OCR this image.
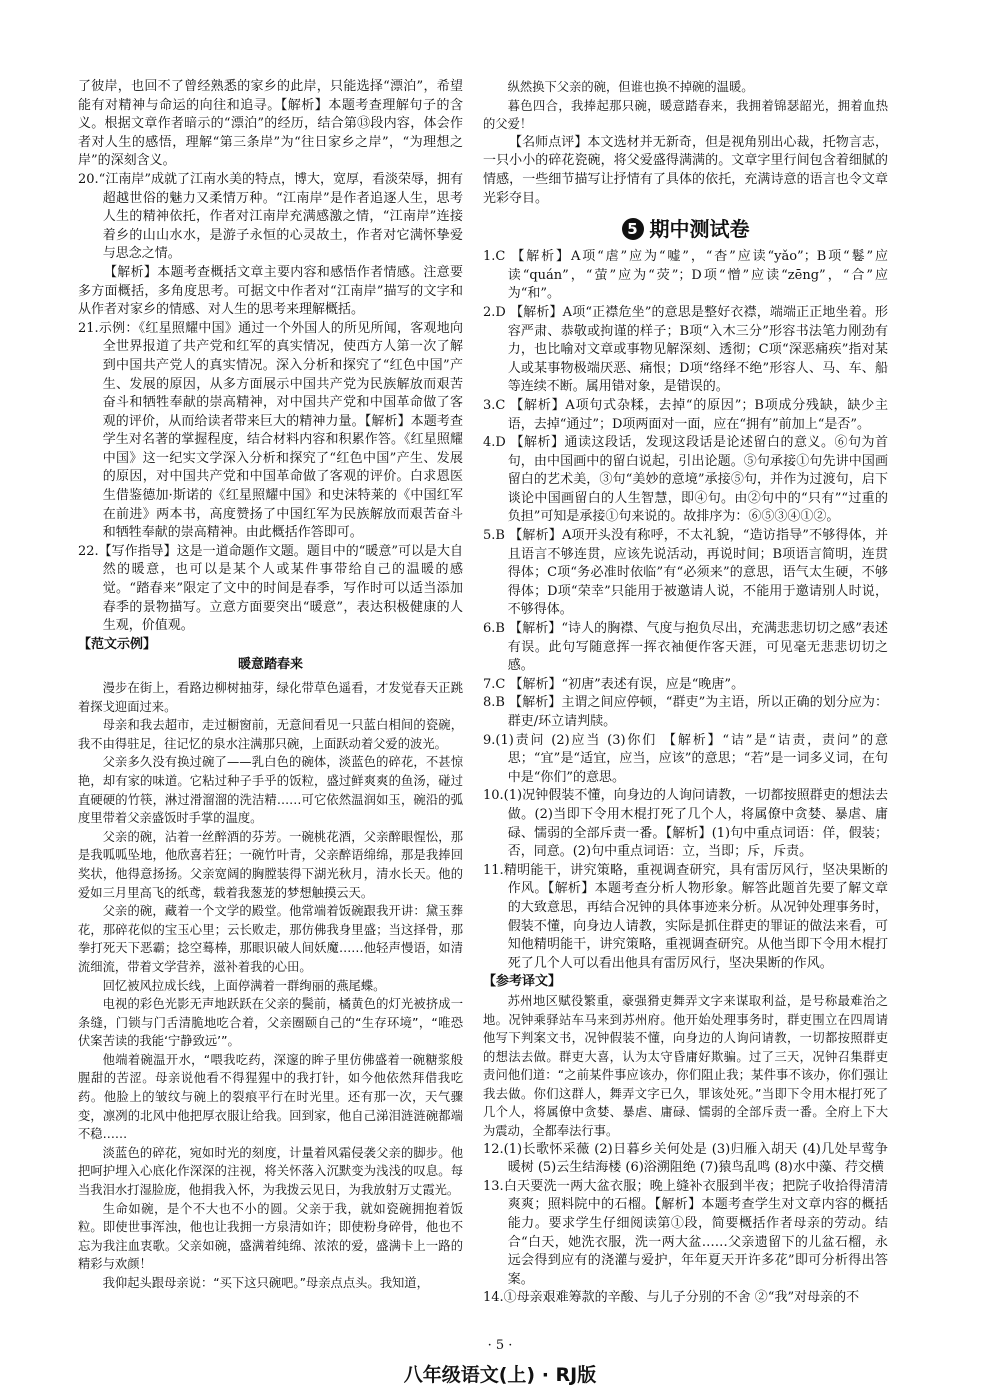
了彼岸，也回不了曾经熟悉的家乡的此岸，只能选择“漂泊”，希望能有对精神与命运的向往和追寻。【解析】本题考查理解句子的含义。根据文章作者暗示的“漂泊”的经历，结合第⑬段内容，体会作者对人生的感悟，理解“第三条岸”为“往日家乡之岸”，“为理想之岸”的深刻含义。

20.“江南岸”成就了江南水美的特点，博大，宽厚，看淡荣辱，拥有超越世俗的魅力又柔情万种。“江南岸”是作者追逐人生，思考人生的精神依托，作者对江南岸充满感激之情，“江南岸”连接着乡的山山水水，是游子永恒的心灵故土，作者对它满怀挚爱与思念之情。

【解析】本题考查概括文章主要内容和感悟作者情感。注意要多方面概括，多角度思考。可据文中作者对“江南岸”描写的文字和从作者对家乡的情感、对人生的思考来理解概括。

21.示例：《红星照耀中国》通过一个外国人的所见所闻，客观地向全世界报道了共产党和红军的真实情况，使西方人第一次了解到中国共产党人的真实情况。深入分析和探究了“红色中国”产生、发展的原因，从多方面展示中国共产党为民族解放而艰苦奋斗和牺牲奉献的崇高精神，对中国共产党和中国革命做了客观的评价，从而给读者带来巨大的精神力量。【解析】本题考查学生对名著的掌握程度，结合材料内容和积累作答。《红星照耀中国》这一纪实文学深入分析和探究了“红色中国”产生、发展的原因，对中国共产党和中国革命做了客观的评价。白求恩医生借鉴德加·斯诺的《红星照耀中国》和史沫特莱的《中国红军在前进》两本书，高度赞扬了中国红军为民族解放而艰苦奋斗和牺牲奉献的崇高精神。由此概括作答即可。

22.【写作指导】这是一道命题作文题。题目中的“暖意”可以是大自然的暖意，也可以是某个人或某件事带给自己的温暖的感觉。“踏春来”限定了文中的时间是春季，写作时可以适当添加春季的景物描写。立意方面要突出“暖意”，表达积极健康的人生观，价值观。

【范文示例】

暖意踏春来

漫步在街上，看路边柳树抽芽，绿化带草色遥看，才发觉春天正跳着探戈迎面过来。

母亲和我去超市，走过橱窗前，无意间看见一只蓝白相间的瓷碗，我不由得驻足，往记忆的泉水注满那只碗，上面跃动着父爱的波光。

父亲多久没有换过碗了——乳白色的碗体，淡蓝色的碎花，不甚惊艳，却有家的味道。它粘过种子手乎的饭粒，盛过鲜爽爽的鱼汤，碰过直硬硬的竹筷，淋过滑溜溜的洗洁精……可它依然温润如玉，碗沿的弧度里带着父亲盛饭时手掌的温度。

父亲的碗，沾着一丝醉酒的芬芳。一碗桃花酒，父亲醉眼惺忪，那是我呱呱坠地，他欣喜若狂；一碗竹叶青，父亲醉语绵绵，那是我捧回奖状，他得意扬扬。父亲宽阔的胸膛装得下湖光秋月，清水长天。他的爱如三月里高飞的纸鸢，载着我葱茏的梦想触摸云天。

父亲的碗，藏着一个文学的殿堂。他常端着饭碗跟我开讲：黛玉葬花，那碎花似的宝玉心里；云长败走，那仿佛我身里盛；当这择骨，那拳打死天下恶霸；捻空蓦棒，那眼识破人间妖魔……他轻声慢语，如清流细流，带着文学营养，滋补着我的心田。

回忆被风拉成长线，上面停满着一群绚丽的燕尾蝶。

电视的彩色光影无声地跃跃在父亲的鬓前，橘黄色的灯光被挤成一条缝，门锁与门舌清脆地吃合着，父亲圈颐自己的“生存环境”，“唯恐伏案苦读的我能‘宁静致远’”。

他端着碗温开水，“喂我吃药，深邃的眸子里仿佛盛着一碗糖浆般腥甜的苦涩。母亲说他看不得猩猩中的我打针，如今他依然拜借我吃药。他脸上的皱纹与碗上的裂痕平行在时光里。还有那一次，天气骤变，凛冽的北风中他把厚衣服让给我。回到家，他自己涕泪涟涟碗都端不稳……

淡蓝色的碎花，宛如时光的刻度，计量着风霜侵袭父亲的脚步。他把呵护埋入心底化作深深的注视，将关怀落入沉默变为浅浅的叹息。每当我泪水打湿脸庞，他捐我入怀，为我拨云见日，为我放射万丈霞光。

生命如碗，是个不大也不小的圆。父亲于我，就如瓷碗拥抱着饭粒。即使世事浑浊，他也让我拥一方泉清如许；即使粉身碎骨，他也不忘为我注血衷歌。父亲如碗，盛满着纯绵、浓浓的爱，盛满卡上一路的精彩与欢颜！

我仰起头跟母亲说：“买下这只碗吧。”母亲点点头。我知道，

纵然换下父亲的碗，但谁也换不掉碗的温暖。

暮色四合，我捧起那只碗，暖意踏春来，我拥着锦瑟韶光，拥着血热的父爱！

【名师点评】本文选材并无新奇，但是视角别出心裁，托物言志，一只小小的碎花瓷碗，将父爱盛得满满的。文章字里行间包含着细腻的情感，一些细节描写让抒情有了具体的依托，充满诗意的语言也令文章光彩夺目。

5 期中测试卷

1.C 【解析】A项“虐”应为“嘘”，“杳”应读“yǎo”；B项“鬈”应读“quán”，“萤”应为“荧”；D项“憎”应读“zēng”，“合”应为“和”。

2.D 【解析】A项“正襟危坐”的意思是整好衣襟，端端正正地坐着。形容严肃、恭敬或拘谨的样子；B项“入木三分”形容书法笔力刚劲有力，也比喻对文章或事物见解深刻、透彻；C项“深恶痛疾”指对某人或某事物极端厌恶、痛恨；D项“络绎不绝”形容人、马、车、船等连续不断。属用错对象，是错误的。

3.C 【解析】A项句式杂糅，去掉“的原因”；B项成分残缺，缺少主语，去掉“通过”；D项两面对一面，应在“拥有”前加上“是否”。

4.D 【解析】通读这段话，发现这段话是论述留白的意义。⑥句为首句，由中国画中的留白说起，引出论题。⑤句承接①句先讲中国画留白的艺术美，③句“美妙的意境”承接⑤句，并作为过渡句，启下谈论中国画留白的人生智慧，即④句。由②句中的“只有”“过重的负担”可知是承接①句来说的。故排序为：⑥⑤③④①②。

5.B 【解析】A项开头没有称呼，不太礼貌，“造访指导”不够得体，并且语言不够连贯，应该先说活动，再说时间；B项语言简明，连贯得体；C项“务必准时依临”有“必须来”的意思，语气太生硬，不够得体；D项“荣幸”只能用于被邀请人说，不能用于邀请别人时说，不够得体。

6.B 【解析】“诗人的胸襟、气度与抱负尽出，充满悲悲切切之感”表述有误。此句写随意挥一挥衣袖便作客天涯，可见毫无悲悲切切之感。

7.C 【解析】“初唐”表述有误，应是“晚唐”。

8.B 【解析】主谓之间应停顿，“群吏”为主语，所以正确的划分应为：群吏/环立请判牍。

9.(1)责问 (2)应当 (3)你们 【解析】“诘”是“诘责，责问”的意思；“宜”是“适宜，应当，应该”的意思；“若”是一词多义词，在句中是“你们”的意思。

10.(1)况钟假装不懂，向身边的人询问请教，一切都按照群吏的想法去做。(2)当即下令用木棍打死了几个人，将属僚中贪婪、暴虐、庸碌、懦弱的全部斥责一番。【解析】(1)句中重点词语：佯，假装；否，同意。(2)句中重点词语：立，当即；斥，斥责。

11.精明能干，讲究策略，重视调查研究，具有雷厉风行，坚决果断的作风。【解析】本题考查分析人物形象。解答此题首先要了解文章的大致意思，再结合况钟的具体事迹来分析。从况钟处理事务时，假装不懂，向身边人请教，实际是抓住群吏的罪证的做法来看，可知他精明能干，讲究策略，重视调查研究。从他当即下令用木棍打死了几个人可以看出他具有雷厉风行，坚决果断的作风。

【参考译文】

苏州地区赋役繁重，豪强猾吏舞弄文字来谋取利益，是号称最难治之地。况钟乘驿站车马来到苏州府。他开始处理事务时，群吏围立在四周请他写下判案文书，况钟假装不懂，向身边的人询问请教，一切都按照群吏的想法去做。群吏大喜，认为太守昏庸好欺骗。过了三天，况钟召集群吏责问他们道：“之前某件事应该办，你们阻止我；某件事不该办，你们强让我去做。你们这群人，舞弄文字已久，罪该处死。”当即下令用木棍打死了几个人，将属僚中贪婪、暴虐、庸碌、懦弱的全部斥责一番。全府上下大为震动，全都奉法行事。

12.(1)长歌怀采薇 (2)日暮乡关何处是 (3)归雁入胡天 (4)几处早莺争暖树 (5)云生结海楼 (6)浴溯阻绝 (7)猿鸟乱鸣 (8)水中藻、荇交横

13.白天要洗一两大盆衣服；晚上缝补衣服到半夜；把院子收拾得清清爽爽；照料院中的石榴。【解析】本题考查学生对文章内容的概括能力。要求学生仔细阅读第①段，简要概括作者母亲的劳动。结合“白天，她洗衣服，洗一两大盆……父亲遗留下的儿盆石榴，永远会得到应有的浇灌与爱护，年年夏天开许多花”即可分析得出答案。

14.①母亲艰难筹款的辛酸、与儿子分别的不舍 ②“我”对母亲的不

· 5 ·
八年级语文(上) · RJ版
